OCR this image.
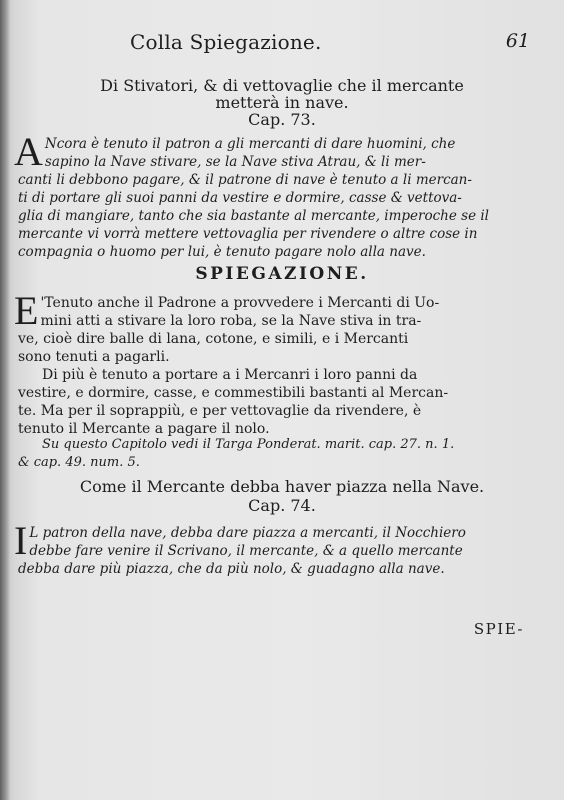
Colla Spiegazione.	61
Di Stivatori, & di vettovaglie che il mercante
metterà in nave.
Cap. 73.
A Ncora è tenuto il patron a gli mercanti di dare huomini, che
sapino la Nave stivare, se la Nave stiva Atrau, & li mer-
canti li debbono pagare, & il patrone di nave è tenuto a li mercan-
ti di portare gli suoi panni da vestire e dormire, casse & vettova-
glia di mangiare, tanto che sia bastante al mercante, imperoche se il
mercante vi vorrà mettere vettovaglia per rivendere o altre cose in
compagnia o huomo per lui, è tenuto pagare nolo alla nave.
SPIEGAZIONE.
E 'Tenuto anche il Padrone a provvedere i Mercanti di Uo-
mini atti a stivare la loro roba, se la Nave stiva in tra-
ve, cioè dire balle di lana, cotone, e simili, e i Mercanti
sono tenuti a pagarli.
Di più è tenuto a portare a i Mercanri i loro panni da
vestire, e dormire, casse, e commestibili bastanti al Mercan-
te. Ma per il soprappiù, e per vettovaglie da rivendere, è
tenuto il Mercante a pagare il nolo.
Su questo Capitolo vedi il Targa Ponderat. marit. cap. 27. n. 1.
& cap. 49. num. 5.
Come il Mercante debba haver piazza nella Nave.
Cap. 74.
I L patron della nave, debba dare piazza a mercanti, il Nocchiero
debbe fare venire il Scrivano, il mercante, & a quello mercante
debba dare più piazza, che da più nolo, & guadagno alla nave.
SPIE-
